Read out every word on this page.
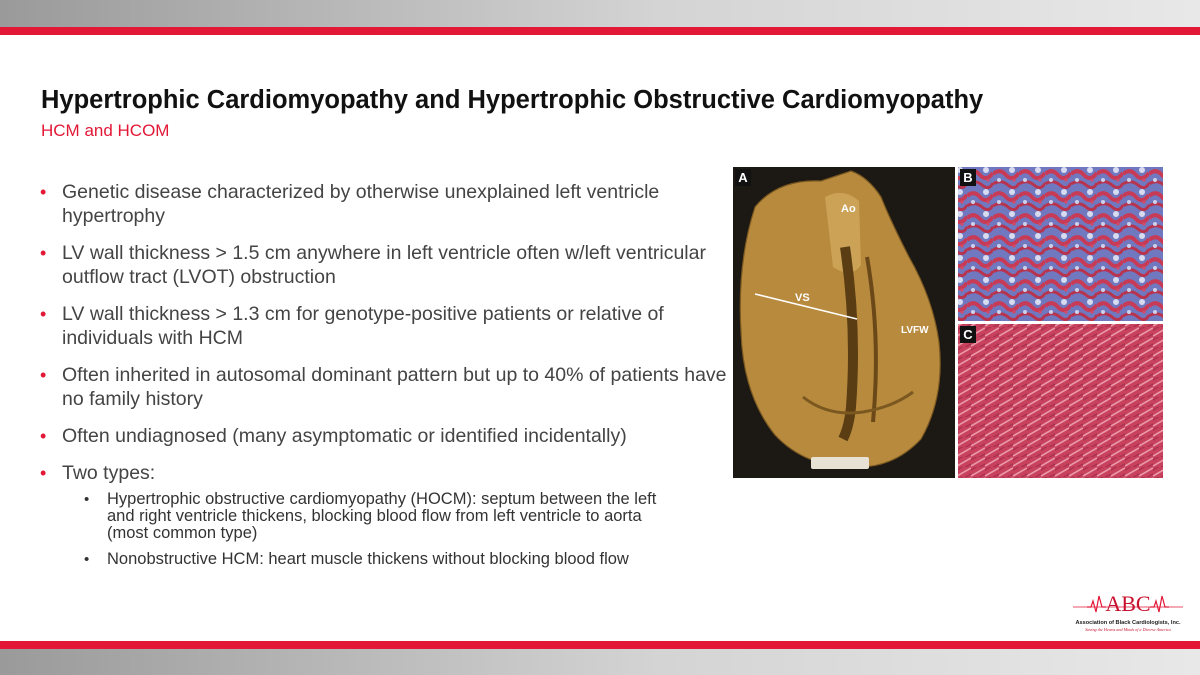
Hypertrophic Cardiomyopathy and Hypertrophic Obstructive Cardiomyopathy
HCM and HCOM
• Genetic disease characterized by otherwise unexplained left ventricle hypertrophy
• LV wall thickness > 1.5 cm anywhere in left ventricle often w/left ventricular outflow tract (LVOT) obstruction
• LV wall thickness > 1.3 cm for genotype-positive patients or relative of individuals with HCM
• Often inherited in autosomal dominant pattern but up to 40% of patients have no family history
• Often undiagnosed (many asymptomatic or identified incidentally)
• Two types:
• Hypertrophic obstructive cardiomyopathy (HOCM): septum between the left and right ventricle thickens, blocking blood flow from left ventricle to aorta (most common type)
• Nonobstructive HCM: heart muscle thickens without blocking blood flow
A
Ao
VS
LVFW
B
C
ABC
Association of Black Cardiologists, Inc.
Saving the Hearts and Minds of a Diverse America
